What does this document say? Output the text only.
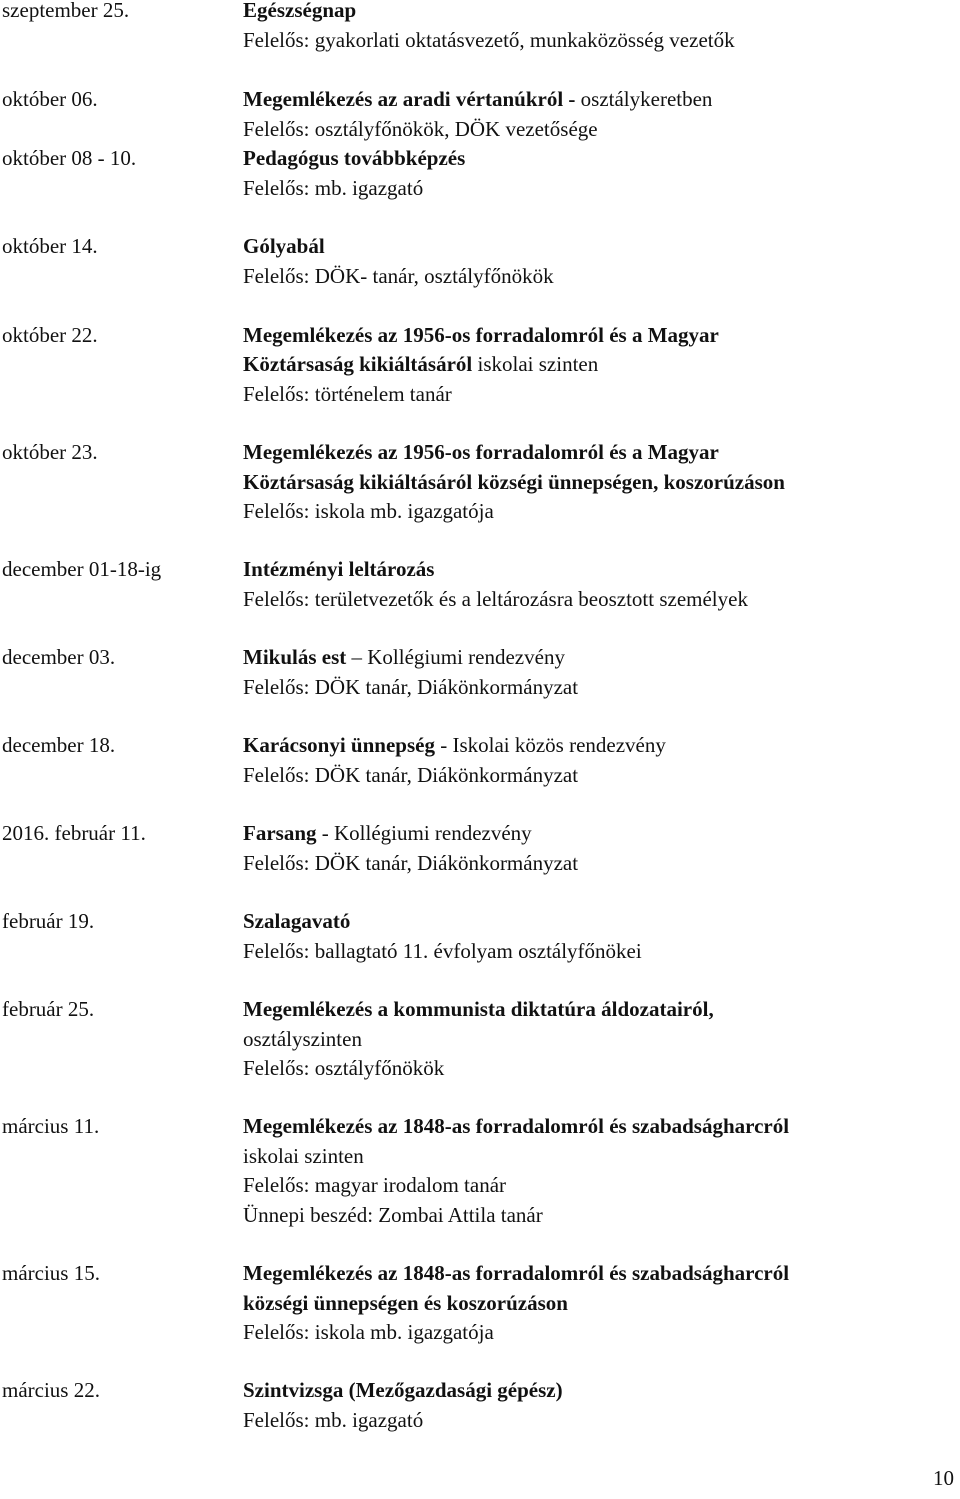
szeptember 25.
október 06.
október 08 - 10.
október 14.
október 22.
október 23.
december 01-18-ig
december 03.
december 18.
2016. február 11.
február 19.
február 25.
március 11.
március 15.
március 22.
Egészségnap
Felelős: gyakorlati oktatásvezető, munkaközösség vezetők
Megemlékezés az aradi vértanúkról - osztálykeretben
Felelős: osztályfőnökök, DÖK vezetősége
Pedagógus továbbképzés
Felelős: mb. igazgató
Gólyabál
Felelős: DÖK- tanár, osztályfőnökök
Megemlékezés az 1956-os forradalomról és a Magyar
Köztársaság kikiáltásáról iskolai szinten
Felelős: történelem tanár
Megemlékezés az 1956-os forradalomról és a Magyar
Köztársaság kikiáltásáról községi ünnepségen, koszorúzáson
Felelős: iskola mb. igazgatója
Intézményi leltározás
Felelős: területvezetők és a leltározásra beosztott személyek
Mikulás est – Kollégiumi rendezvény
Felelős: DÖK tanár, Diákönkormányzat
Karácsonyi ünnepség - Iskolai közös rendezvény
Felelős: DÖK tanár, Diákönkormányzat
Farsang - Kollégiumi rendezvény
Felelős: DÖK tanár, Diákönkormányzat
Szalagavató
Felelős: ballagtató 11. évfolyam osztályfőnökei
Megemlékezés a kommunista diktatúra áldozatairól,
osztályszinten
Felelős: osztályfőnökök
Megemlékezés az 1848-as forradalomról és szabadságharcról
iskolai szinten
Felelős: magyar irodalom tanár
Ünnepi beszéd: Zombai Attila tanár
Megemlékezés az 1848-as forradalomról és szabadságharcról
községi ünnepségen és koszorúzáson
Felelős: iskola mb. igazgatója
Szintvizsga (Mezőgazdasági gépész)
Felelős: mb. igazgató
10
